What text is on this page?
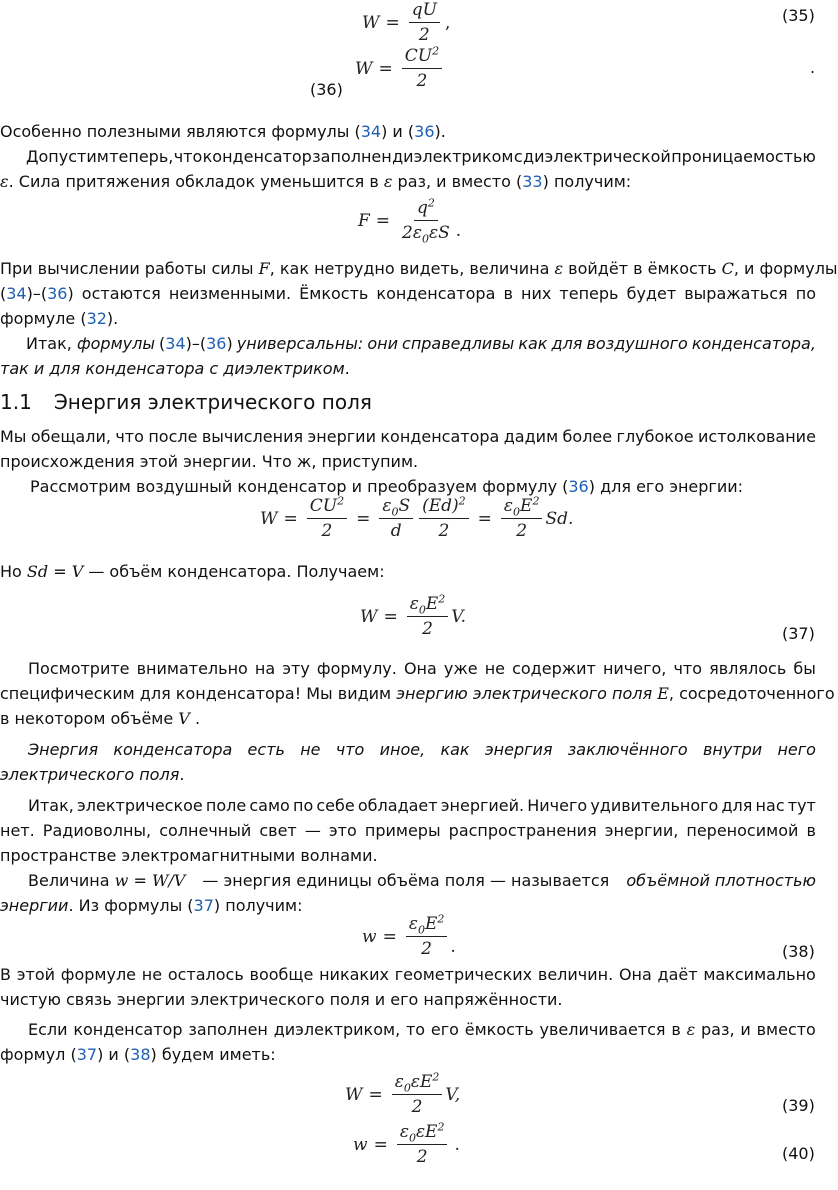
$W = \frac{qU}{2}$ ,	(35)
$W = \frac{CU^2}{2}$	.
(36)
Особенно полезными являются формулы (34) и (36).
Допустим теперь, что конденсатор заполнен диэлектриком с диэлектрической проницаемостью
ε. Сила притяжения обкладок уменьшится в ε раз, и вместо (33) получим:
$F = \frac{q^2}{2\varepsilon_0\varepsilon S}$ .
При вычислении работы силы F, как нетрудно видеть, величина ε войдёт в ёмкость C, и формулы
(34)–(36) остаются неизменными. Ёмкость конденсатора в них теперь будет выражаться по
формуле (32).
Итак, формулы (34)–(36) универсальны: они справедливы как для воздушного конденсатора,
так и для конденсатора с диэлектриком.
1.1 Энергия электрического поля
Мы обещали, что после вычисления энергии конденсатора дадим более глубокое истолкование
происхождения этой энергии. Что ж, приступим.
Рассмотрим воздушный конденсатор и преобразуем формулу (36) для его энергии:
$W = \frac{CU^2}{2} = \frac{\varepsilon_0S}{d} \frac{(Ed)^2}{2} = \frac{\varepsilon_0E^2}{2} Sd$.
Но Sd = V — объём конденсатора. Получаем:
$W = \frac{\varepsilon_0E^2}{2} V$.
(37)
Посмотрите внимательно на эту формулу. Она уже не содержит ничего, что являлось бы
специфическим для конденсатора! Мы видим энергию электрического поля E, сосредоточенного
в некотором объёме V .
Энергия конденсатора есть не что иное, как энергия заключённого внутри него
электрического поля.
Итак, электрическое поле само по себе обладает энергией. Ничего удивительного для нас тут
нет. Радиоволны, солнечный свет — это примеры распространения энергии, переносимой в
пространстве электромагнитными волнами.
Величина w = W/V — энергия единицы объёма поля — называется объёмной плотностью
энергии. Из формулы (37) получим:
$w = \frac{\varepsilon_0E^2}{2}$ .	(38)
В этой формуле не осталось вообще никаких геометрических величин. Она даёт максимально
чистую связь энергии электрического поля и его напряжённости.
Если конденсатор заполнен диэлектриком, то его ёмкость увеличивается в ε раз, и вместо
формул (37) и (38) будем иметь:
$W = \frac{\varepsilon_0\varepsilon E^2}{2} V$,
(39)
$w = \frac{\varepsilon_0\varepsilon E^2}{2}$ .	(40)
